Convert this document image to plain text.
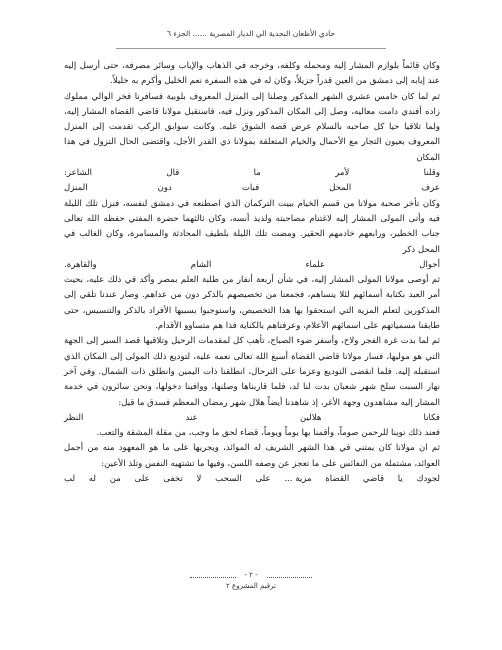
حادي الأظعان النجدية الي الديار المصرية ...... الجزء ٦

وكان قائماً بلوازم المشار إليه ومحمله وكلفه، وخرجه في الذهاب والإياب وسائر مصرفه، حتى أرسل إليه عند إيابه إلى دمشق من العين قدراً جزيلاً، وكان له في هذه السفرة نعم الخليل وأكرم به خليلاً.

ثم لما كان خامس عشري الشهر المذكور وصلنا إلى المنزل المعروف بلوبية فسافرنا فخر الوالي مملوك زاده أفندي دامت معاليه، وصل إلى المكان المذكور ونزل فيه، فاستقبل مولانا قاضي القضاة المشار إليه، ولما تلاقيا حيا كل صاحبه بالسلام عرض قصة الشوق عليه. وكانت سوابق الركب تقدمت إلى المنزل المعروف بعيون التجار مع الأحمال والخيام المتعلقة بمولانا ذي القدر الأجل، واقتضى الحال النزول في هذا المكان

وقلنا
لأمر
ما
قال
الشاعر:
عرف
المحل
فبات
دون
المنزل

وكان تأخر صحبة مولانا من قسم الخيام ببيت التركمان الذي اصطنعه في دمشق لنفسه، فنزل تلك الليلة فيه وأتى المولى المشار إليه لاغتنام مصاحبته ولذيذ أنسه، وكان ثالثهما حضرة المفتي حفظه الله تعالى جناب الخطير، ورابعهم خادمهم الحقير. ومضت تلك الليلة بلطيف المحادثة والمسامرة، وكان الغالب في المحل ذكر

أحوال
علماء
الشام
والقاهرة.

ثم أوصى مولانا المولى المشار إليه، في شأن أربعة أنفار من طلبة العلم بمصر وأكد في ذلك عليه، بحيث أمر العبد بكتابة أسمائهم لئلا ينساهم، فجمعنا من تخصيصهم بالذكر دون من عداهم. وصار عندنا تلقي إلى المذكورين لتعلم المزية التي استحقوا بها هذا التخصيص، واستوجبوا بسببها الأفراد بالذكر والتنسيس، حتى طابقنا مسمياتهم على اسمائهم الأعلام، وعرفناهم بالكناية فذا هم متساوو الأقدام.

ثم لما بدت غرة الفجر ولاح، وأسفر ضوء الصباح، تأهب كل لمقدمات الرحيل وتلاقيها قصد السير إلى الجهة التي هو موليها، فسار مولانا قاضي القضاة أسبغ الله تعالى نعمه عليه، لتوديع ذلك المولى إلى المكان الذي استقبله إليه. فلما انقضى التوديع وعزما على الترحال، انطلقنا ذات اليمين وانطلق ذات الشمال. وفي آخر نهار السبت سلخ شهر شعبان بدت لنا لد، فلما قاربناها وصلنها، ووافينا دخولها، ونحن سائرون في خدمة المشار إليه مشاهدون وجهة الأغر، إذ شاهدنا أيضاً هلال شهر رمضان المعظم فسدق ما قيل:

فكانا
هلالين
عند
النظر

فعند ذلك نوينا للرحمن صوماً، وأقمنا بها يوماً ويوماً، قضاء لحق ما وجب، من مقلة المشقة والتعب.

ثم ان مولانا كان يمتني في هذا الشهر الشريف له الموائد، ويجريها على ما هو المعهود منه من أجمل العوائد، مشتملة من النفائس على ما تعجز عن وصفه اللسن، وفيها ما تشتهيه النفس وتلذ الأعين:

لجودك
يا
قاضي
القضاة
مزية ...
على
السحب
لا
تخفى
على
من
له
لب
- ٢ -
ترقيم المشروع ٢
